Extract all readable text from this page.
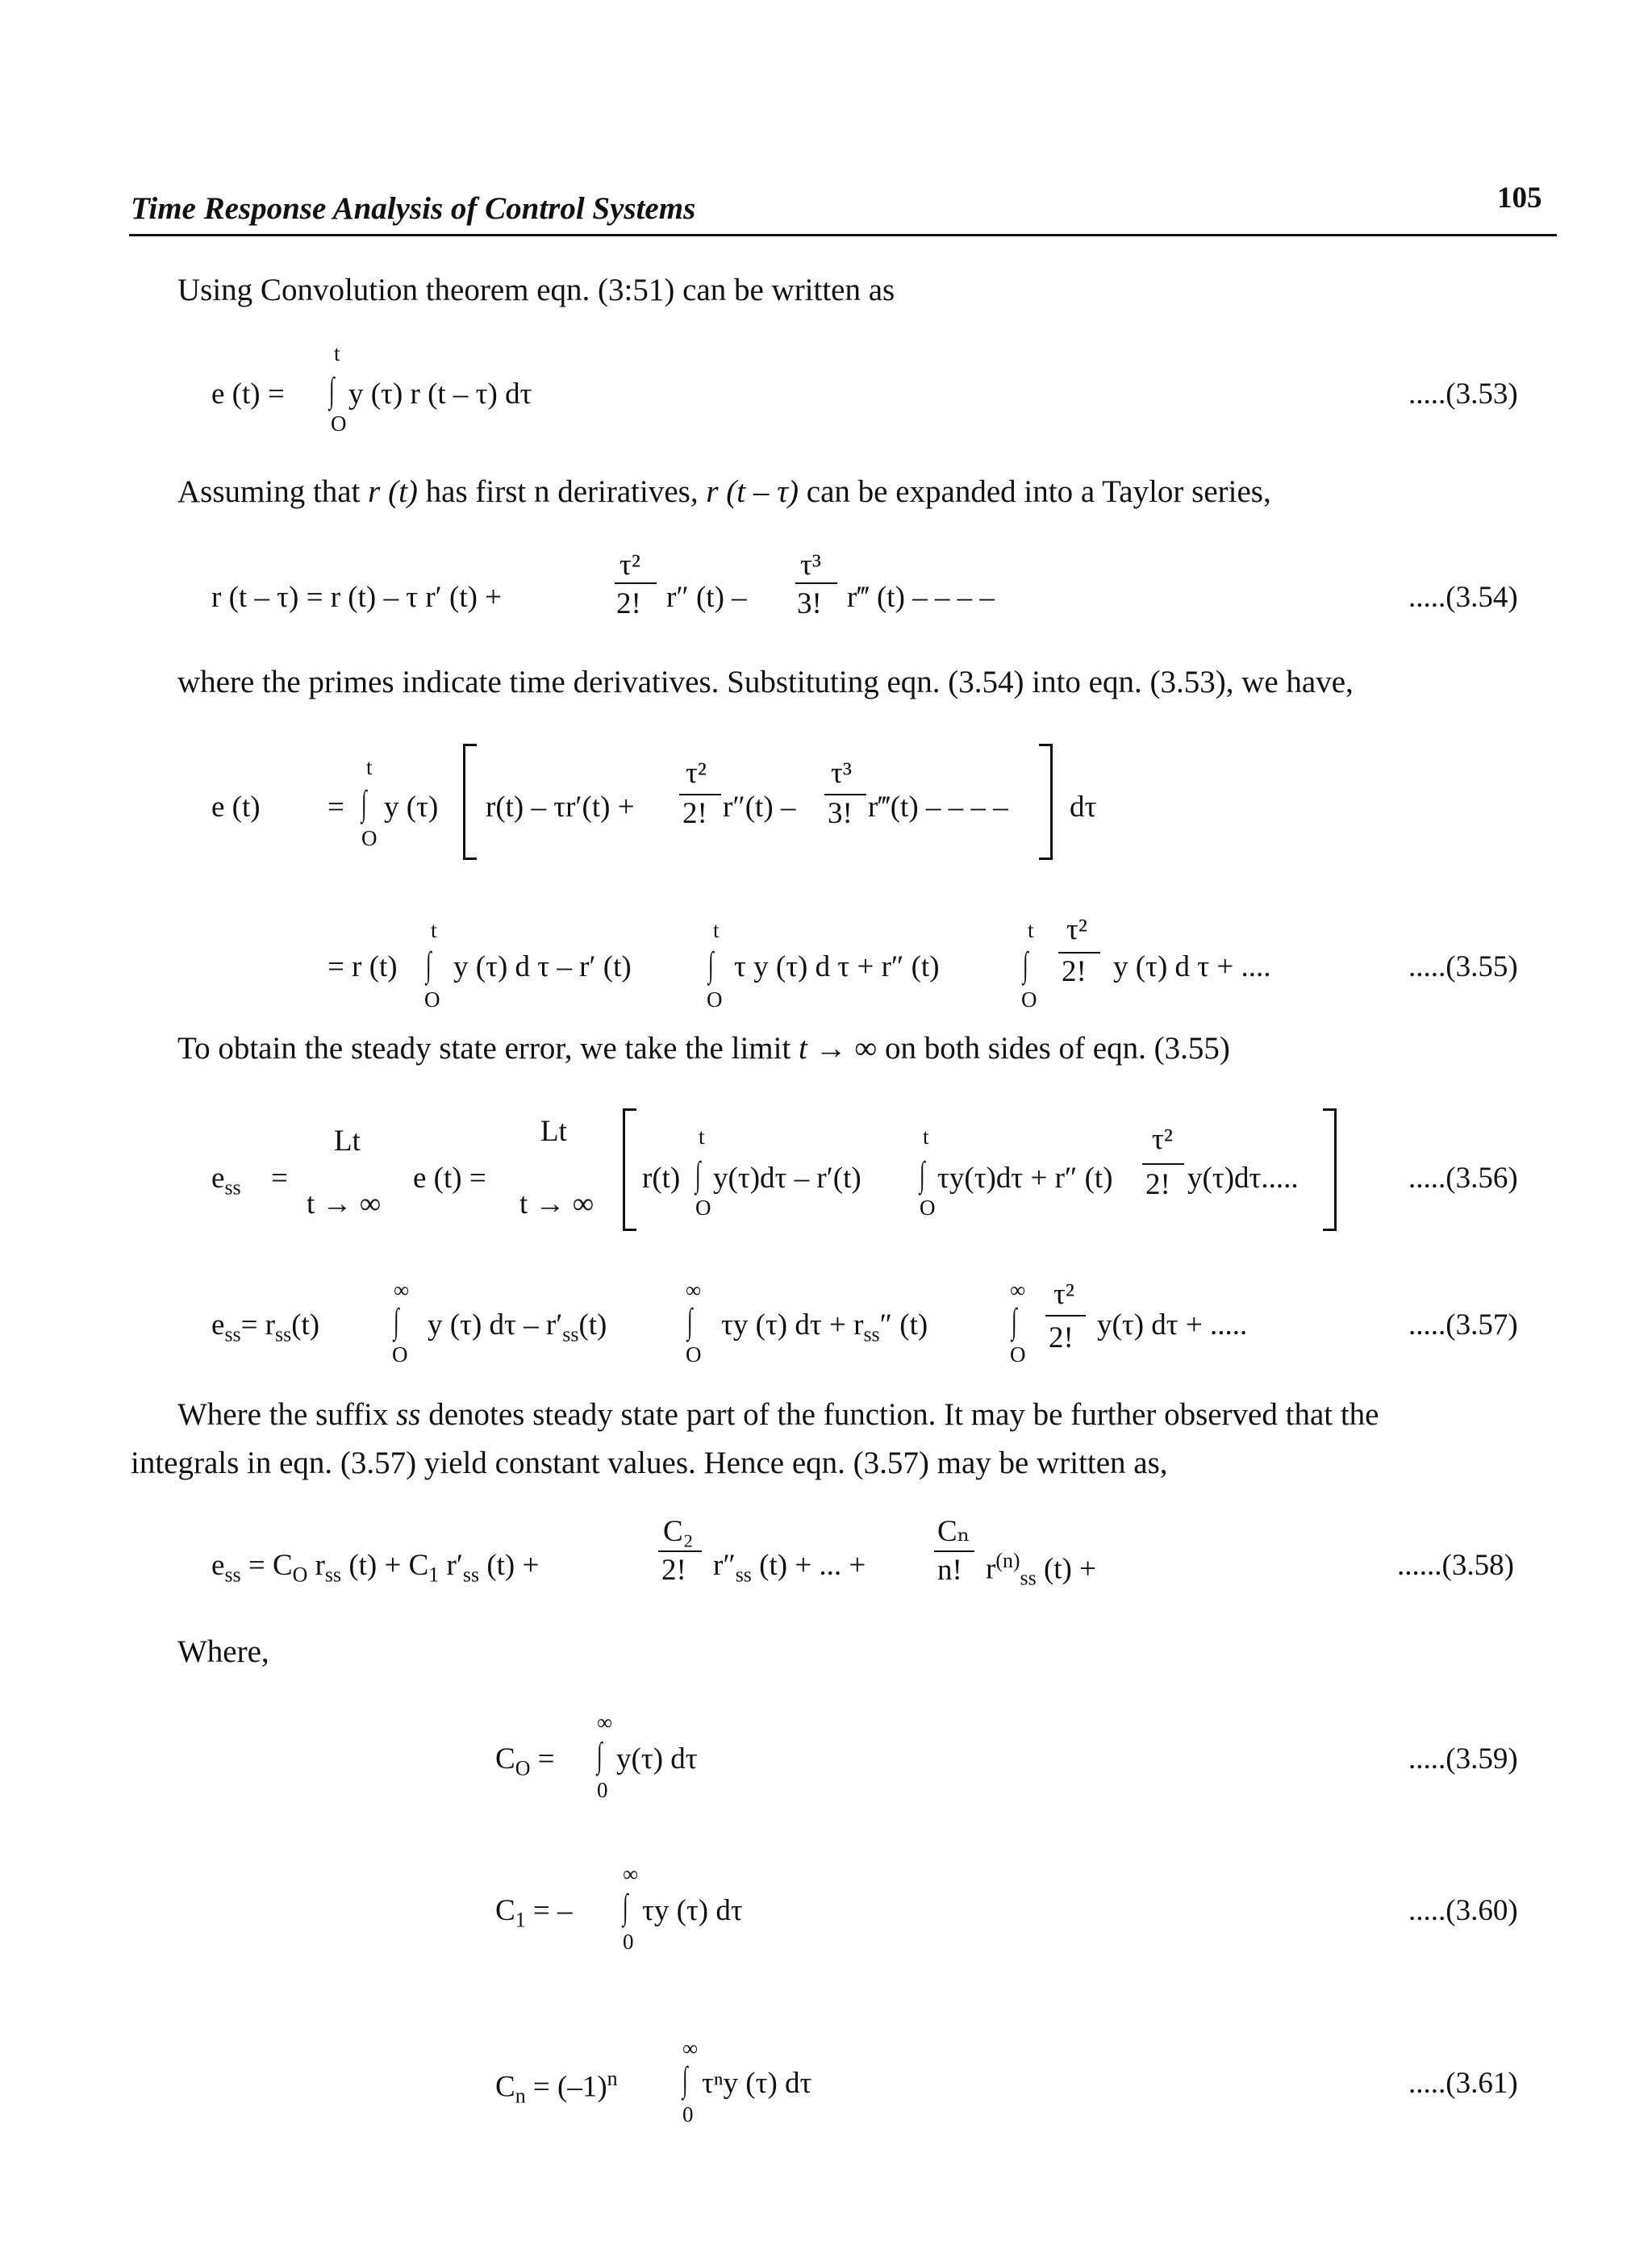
Time Response Analysis of Control Systems	105
Using Convolution theorem eqn. (3:51) can be written as
e (t) =
t
∫
O
y (τ) r (t – τ) dτ	.....(3.53)
Assuming that r (t) has first n deriratives, r (t – τ) can be expanded into a Taylor series,
r (t – τ) = r (t) – τ r′ (t) +
τ²
2! r″ (t) –
τ³
3! r‴ (t) – – – –	.....(3.54)
where the primes indicate time derivatives. Substituting eqn. (3.54) into eqn. (3.53), we have,
e (t) =
t
∫
O
y (τ) r(t) – τr′(t) +
τ²
2! r″(t) –
τ³
3! r‴(t) – – – – dτ
= r (t)
t
∫
O
y (τ) d τ – r′ (t)
t
∫
O
τ y (τ) d τ + r″ (t)
t
∫
O
τ²
2! y (τ) d τ + ....	.....(3.55)
To obtain the steady state error, we take the limit t → ∞ on both sides of eqn. (3.55)
$e_{ss}$ =
Lt
t → ∞
e (t) =
Lt
t → ∞
r(t)
t
∫
O
y(τ)dτ – r′(t)
t
∫
O
τy(τ)dτ + r″ (t)
τ²
2! y(τ)dτ.....	.....(3.56)
$e_{ss}= r_{ss}(t)$
∞
∫
O
y (τ) dτ – $r'_{ss}(t)$
∞
∫
O
τy (τ) $d\tau + r_{ss}''$ (t)
∞
∫
O
τ²
2! y(τ) dτ + .....	.....(3.57)
Where the suffix ss denotes steady state part of the function. It may be further observed that the
integrals in eqn. (3.57) yield constant values. Hence eqn. (3.57) may be written as,
$e_{ss} = C_O$ $r_{ss}$ $(t) + C_1$ $r'_{ss}$ (t) +
C₂
2! $r''_{ss}$ (t) + ... +
Cₙ
n! $r^{(n)}_{ss}$ (t) +	......(3.58)
Where,
$C_O$ =
∞
∫
0
y(τ) dτ	.....(3.59)
$C_1$ = –
∞
∫
0
τy (τ) dτ	.....(3.60)
$C_n = (-1)^n$
∞
∫
0
τⁿy (τ) dτ	.....(3.61)
